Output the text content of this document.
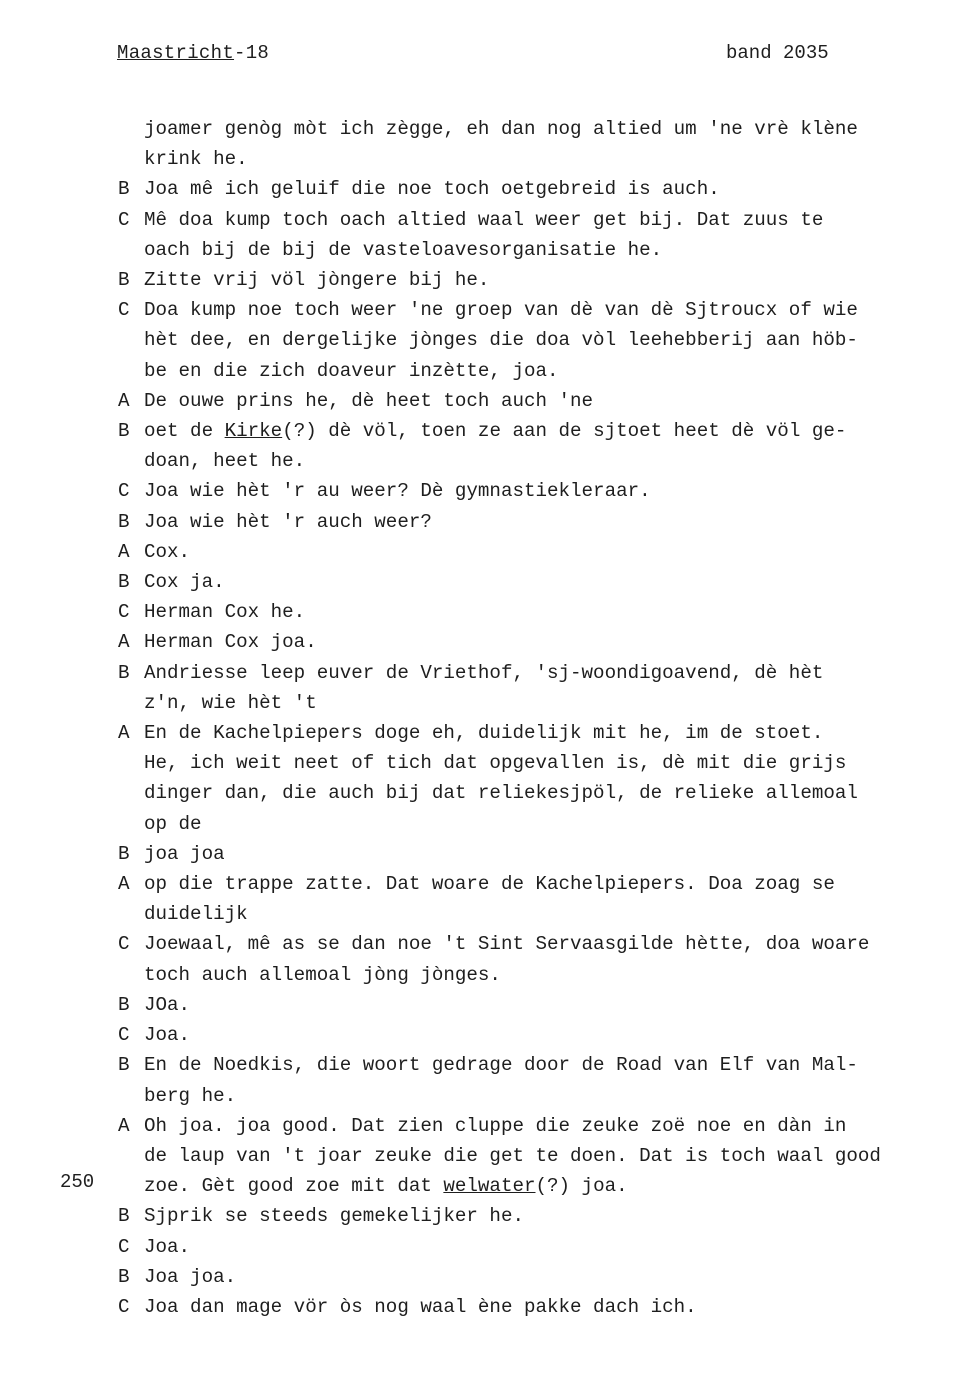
Maastricht-18	band 2035
250
joamer genòg mòt ich zègge, eh dan nog altied um 'ne vrè klène
krink he.
B Joa mê ich geluif die noe toch oetgebreid is auch.
C Mê doa kump toch oach altied waal weer get bij. Dat zuus te
oach bij de bij de vasteloavesorganisatie he.
B Zitte vrij völ jòngere bij he.
C Doa kump noe toch weer 'ne groep van dè van dè Sjtroucx of wie
hèt dee, en dergelijke jònges die doa vòl leehebberij aan höb-
be en die zich doaveur inzètte, joa.
A De ouwe prins he, dè heet toch auch 'ne
B oet de Kirke(?) dè völ, toen ze aan de sjtoet heet dè völ ge-
doan, heet he.
C Joa wie hèt 'r au weer? Dè gymnastiekleraar.
B Joa wie hèt 'r auch weer?
A Cox.
B Cox ja.
C Herman Cox he.
A Herman Cox joa.
B Andriesse leep euver de Vriethof, 'sj-woondigoavend, dè hèt
z'n, wie hèt 't
A En de Kachelpiepers doge eh, duidelijk mit he, im de stoet.
He, ich weit neet of tich dat opgevallen is, dè mit die grijs
dinger dan, die auch bij dat reliekesjpöl, de relieke allemoal
op de
B joa joa
A op die trappe zatte. Dat woare de Kachelpiepers. Doa zoag se
duidelijk
C Joewaal, mê as se dan noe 't Sint Servaasgilde hètte, doa woare
toch auch allemoal jòng jònges.
B JOa.
C Joa.
B En de Noedkis, die woort gedrage door de Road van Elf van Mal-
berg he.
A Oh joa. joa good. Dat zien cluppe die zeuke zoë noe en dàn in
de laup van 't joar zeuke die get te doen. Dat is toch waal good
zoe. Gèt good zoe mit dat welwater(?) joa.
B Sjprik se steeds gemekelijker he.
C Joa.
B Joa joa.
C Joa dan mage vör òs nog waal ène pakke dach ich.
